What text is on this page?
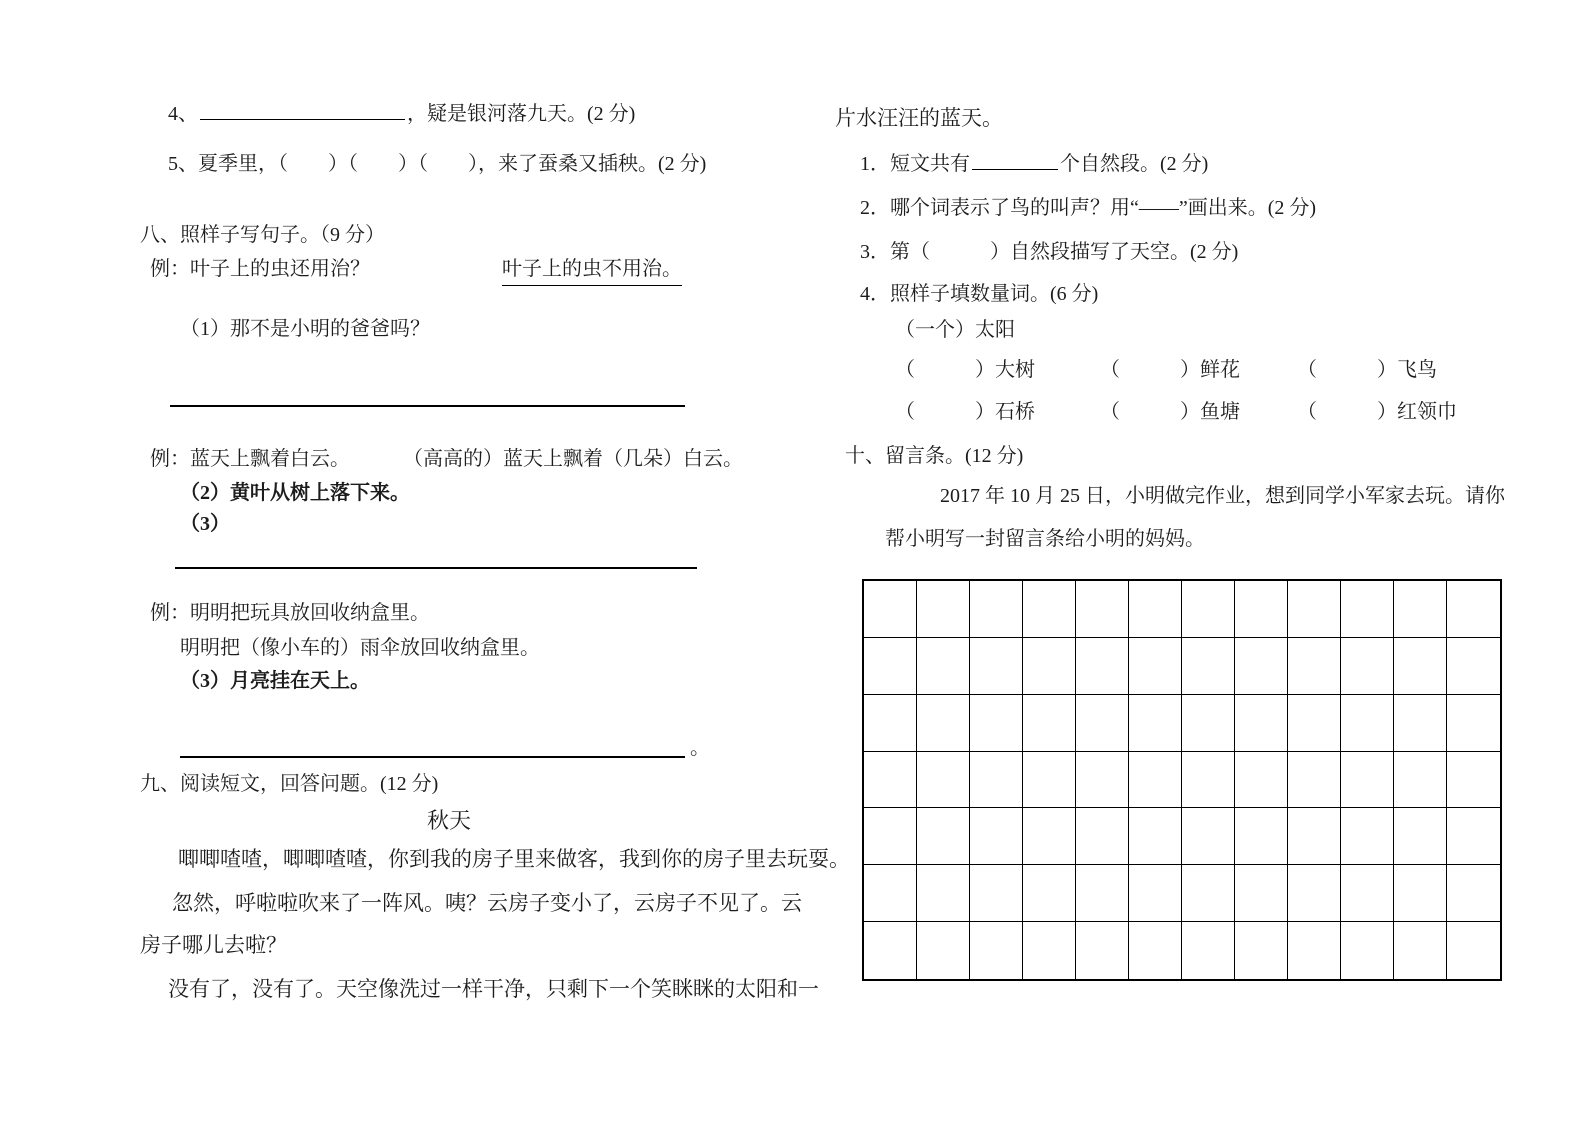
4、	，疑是银河落九天。(2 分)
5、夏季里，（　　）（　　）（　　），来了蚕桑又插秧。(2 分)
八、照样子写句子。（9 分）
例：叶子上的虫还用治？	叶子上的虫不用治。
（1）那不是小明的爸爸吗？
例：蓝天上飘着白云。	（高高的）蓝天上飘着（几朵）白云。
（2）黄叶从树上落下来。
（3）
例：明明把玩具放回收纳盒里。
明明把（像小车的）雨伞放回收纳盒里。
（3）月亮挂在天上。
。
九、阅读短文，回答问题。(12 分)
秋天
唧唧喳喳，唧唧喳喳，你到我的房子里来做客，我到你的房子里去玩耍。
忽然，呼啦啦吹来了一阵风。咦？云房子变小了，云房子不见了。云
房子哪儿去啦？
没有了，没有了。天空像洗过一样干净，只剩下一个笑眯眯的太阳和一
片水汪汪的蓝天。
1．短文共有	个自然段。(2 分)
2．哪个词表示了鸟的叫声？用“——”画出来。(2 分)
3．第（　　　）自然段描写了天空。(2 分)
4．照样子填数量词。(6 分)
（一个）太阳
（　　　）大树	（　　　）鲜花	（　　　）飞鸟
（　　　）石桥	（　　　）鱼塘	（　　　）红领巾
十、留言条。(12 分)
2017 年 10 月 25 日，小明做完作业，想到同学小军家去玩。请你
帮小明写一封留言条给小明的妈妈。
